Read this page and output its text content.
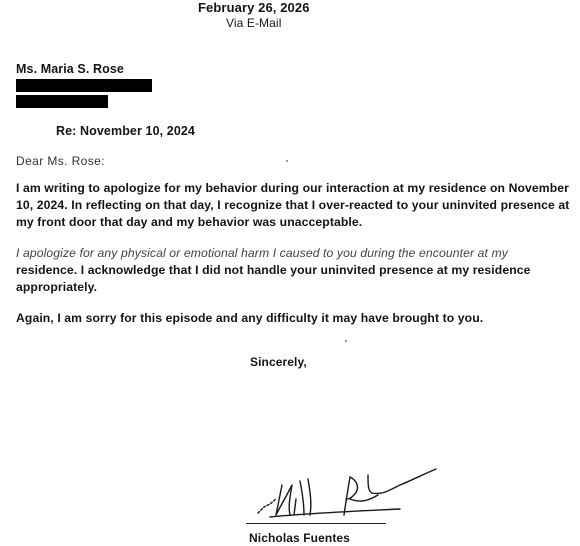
February 26, 2026
Via E-Mail
Ms. Maria S. Rose
Re: November 10, 2024
Dear Ms. Rose:
I am writing to apologize for my behavior during our interaction at my residence on November
10, 2024. In reflecting on that day, I recognize that I over-reacted to your uninvited presence at
my front door that day and my behavior was unacceptable.
I apologize for any physical or emotional harm I caused to you during the encounter at my
residence. I acknowledge that I did not handle your uninvited presence at my residence
appropriately.
Again, I am sorry for this episode and any difficulty it may have brought to you.
Sincerely,
Nicholas Fuentes
